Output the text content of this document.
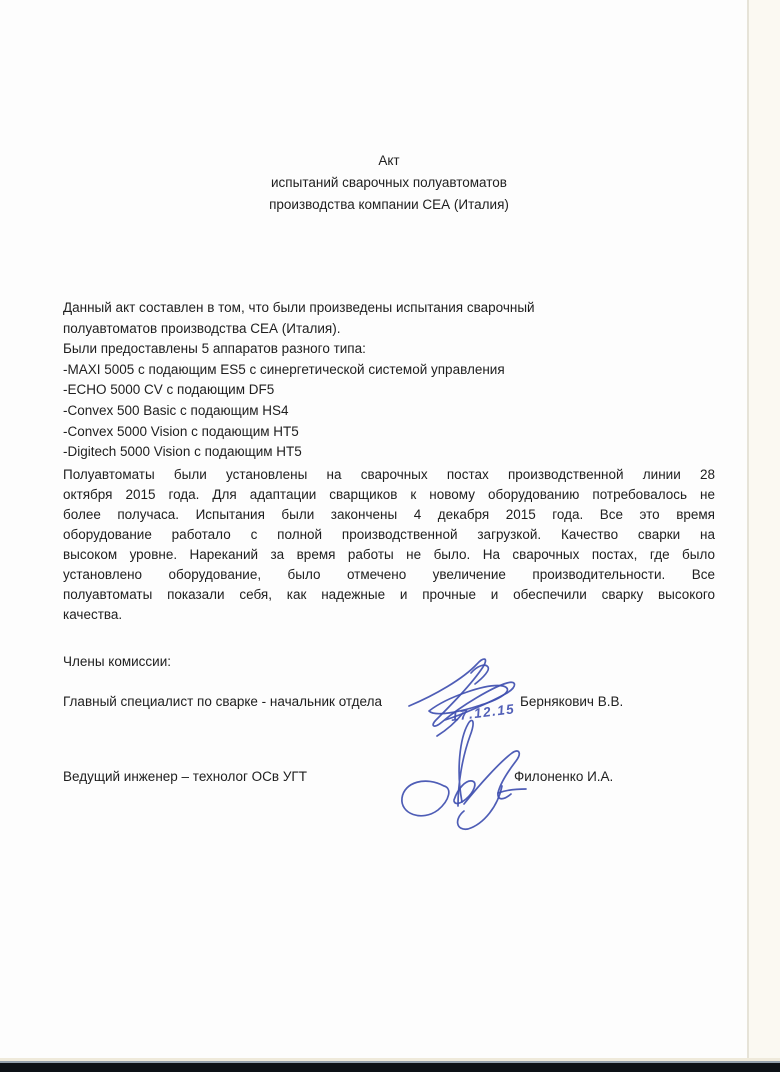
Акт
испытаний сварочных полуавтоматов
производства компании СЕА (Италия)
Данный акт составлен в том, что были произведены испытания сварочный
полуавтоматов производства СЕА (Италия).
Были предоставлены 5 аппаратов разного типа:
-MAXI 5005 с подающим ES5 с синергетической системой управления
-ECHO 5000 CV с подающим DF5
-Convex 500 Basic с подающим HS4
-Convex 5000 Vision с подающим HT5
-Digitech 5000 Vision с подающим HT5
Полуавтоматы были установлены на сварочных постах производственной линии 28
октября 2015 года. Для адаптации сварщиков к новому оборудованию потребовалось не
более получаса. Испытания были закончены 4 декабря 2015 года. Все это время
оборудование работало с полной производственной загрузкой. Качество сварки на
высоком уровне. Нареканий за время работы не было. На сварочных постах, где было
установлено оборудование, было отмечено увеличение производительности. Все
полуавтоматы показали себя, как надежные и прочные и обеспечили сварку высокого
качества.
Члены комиссии:
Главный специалист по сварке - начальник отдела	Бернякович В.В.
17.12.15
Ведущий инженер – технолог ОСв УГТ	Филоненко И.А.
